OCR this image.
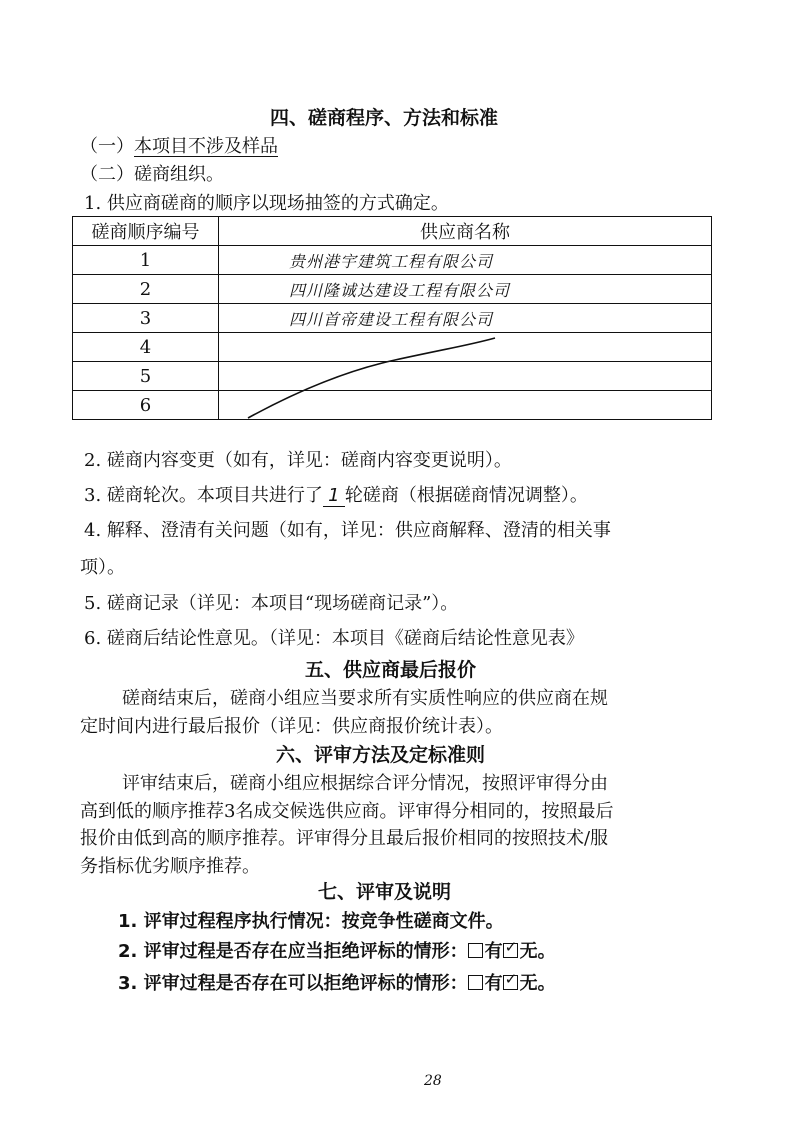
四、磋商程序、方法和标准
（一）本项目不涉及样品
（二）磋商组织。
1. 供应商磋商的顺序以现场抽签的方式确定。
磋商顺序编号	供应商名称
1	贵州港宇建筑工程有限公司
2	四川隆诚达建设工程有限公司
3	四川首帝建设工程有限公司
4	
5	
6	
2. 磋商内容变更（如有，详见：磋商内容变更说明）。
3. 磋商轮次。本项目共进行了 1 轮磋商（根据磋商情况调整）。
4. 解释、澄清有关问题（如有，详见：供应商解释、澄清的相关事
项）。
5. 磋商记录（详见：本项目“现场磋商记录”）。
6. 磋商后结论性意见。（详见：本项目《磋商后结论性意见表》
五、供应商最后报价
磋商结束后，磋商小组应当要求所有实质性响应的供应商在规
定时间内进行最后报价（详见：供应商报价统计表）。
六、评审方法及定标准则
评审结束后，磋商小组应根据综合评分情况，按照评审得分由
高到低的顺序推荐3名成交候选供应商。评审得分相同的，按照最后
报价由低到高的顺序推荐。评审得分且最后报价相同的按照技术/服
务指标优劣顺序推荐。
七、评审及说明
1. 评审过程程序执行情况：按竞争性磋商文件。
2. 评审过程是否存在应当拒绝评标的情形： 有 ✓ 无。
3. 评审过程是否存在可以拒绝评标的情形： 有 ✓ 无。
28
